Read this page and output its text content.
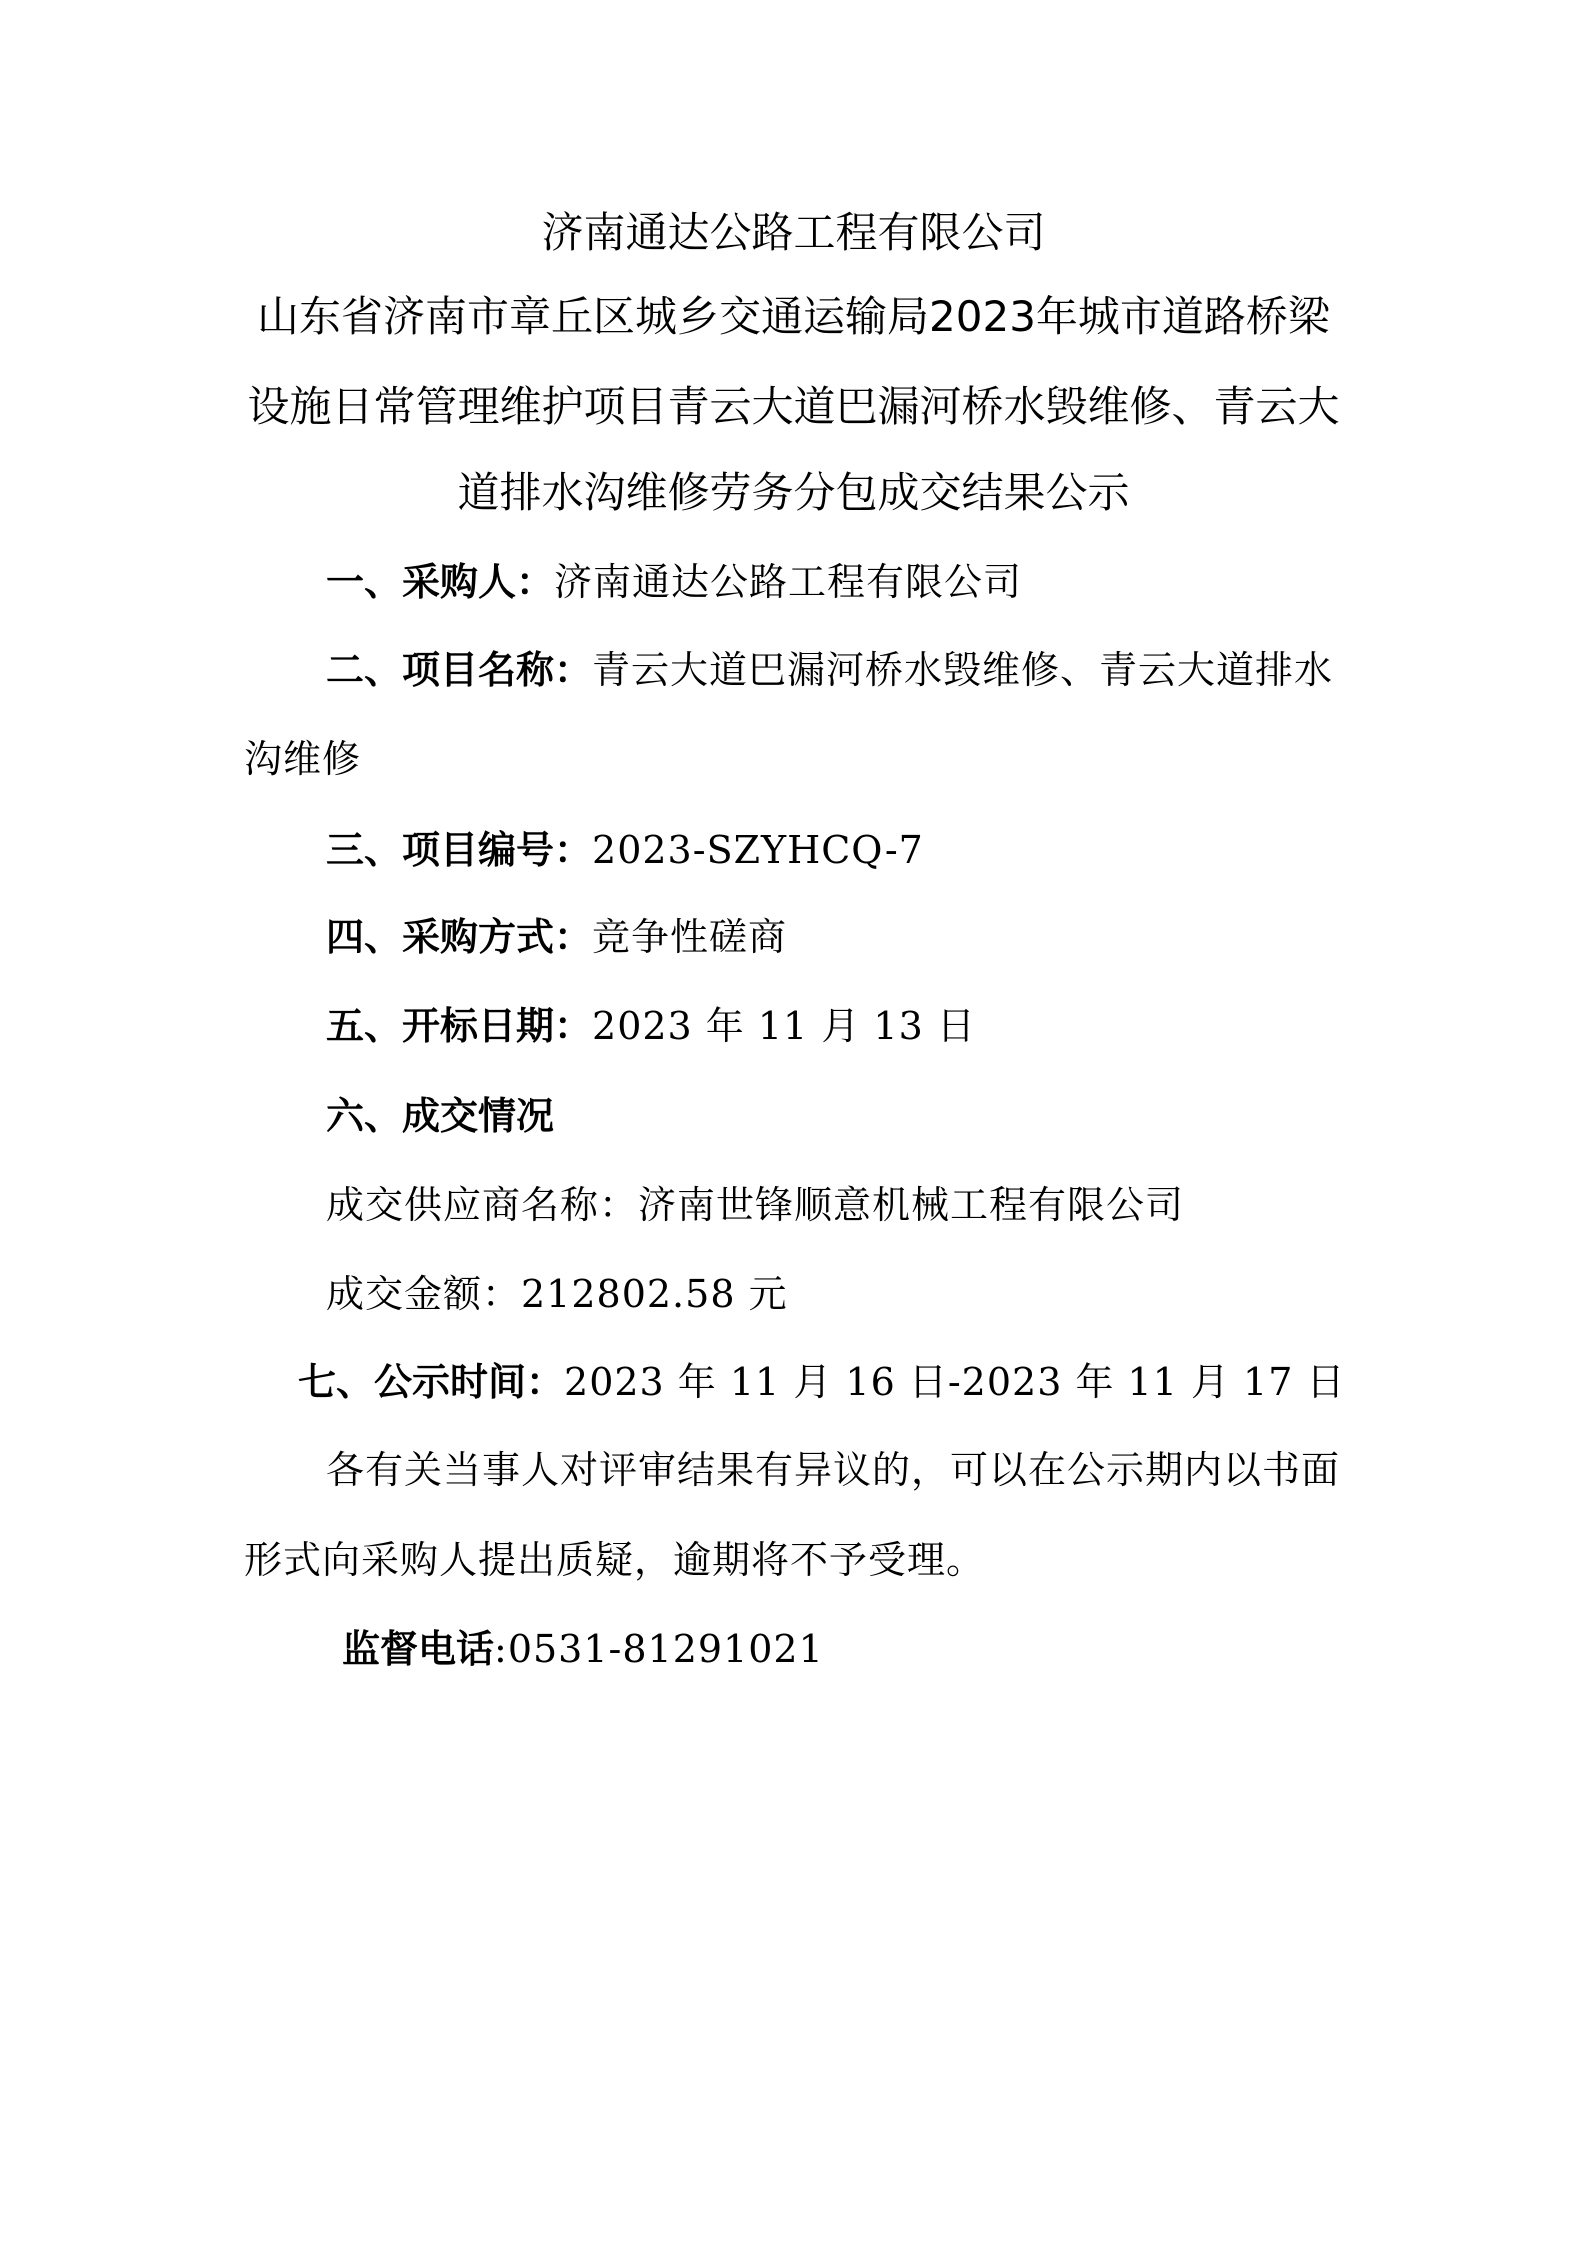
济南通达公路工程有限公司
山东省济南市章丘区城乡交通运输局2023年城市道路桥梁
设施日常管理维护项目青云大道巴漏河桥水毁维修、青云大
道排水沟维修劳务分包成交结果公示
一、采购人：济南通达公路工程有限公司
二、项目名称：青云大道巴漏河桥水毁维修、青云大道排水
沟维修
三、项目编号：2023-SZYHCQ-7
四、采购方式：竞争性磋商
五、开标日期：2023 年 11 月 13 日
六、成交情况
成交供应商名称：济南世锋顺意机械工程有限公司
成交金额：212802.58 元
七、公示时间：2023 年 11 月 16 日-2023 年 11 月 17 日
各有关当事人对评审结果有异议的，可以在公示期内以书面
形式向采购人提出质疑，逾期将不予受理。
监督电话:0531-81291021
